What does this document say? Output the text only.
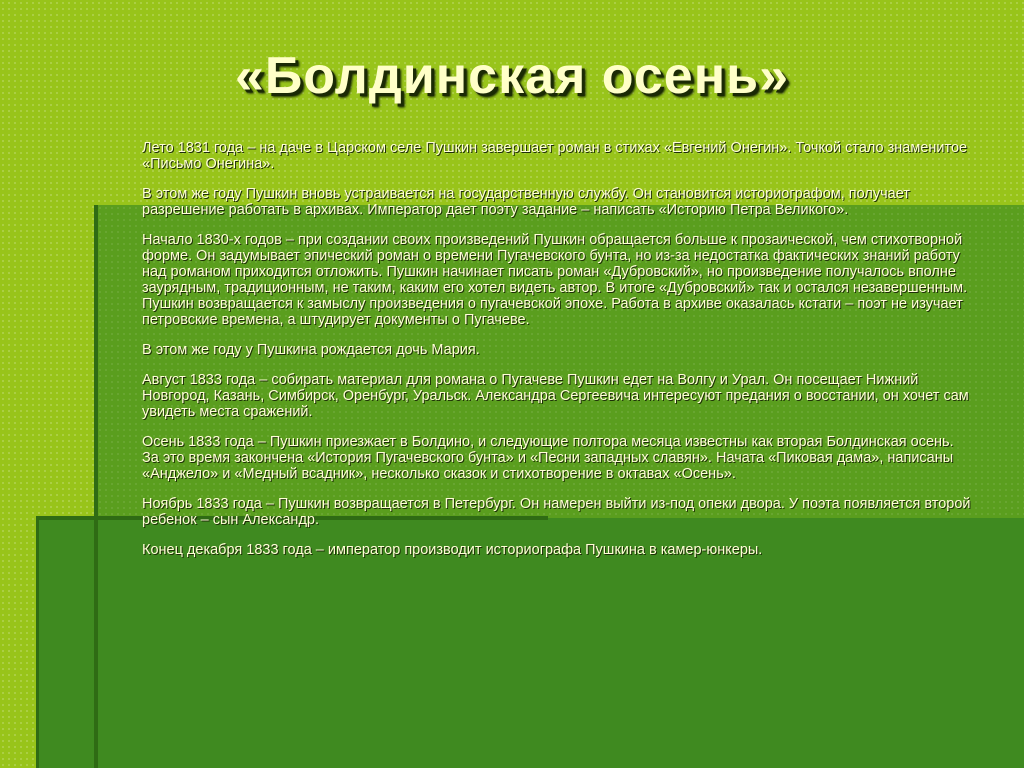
«Болдинская осень»

Лето 1831 года – на даче в Царском селе Пушкин завершает роман в стихах «Евгений Онегин». Точкой стало знаменитое «Письмо Онегина».

В этом же году Пушкин вновь устраивается на государственную службу. Он становится историографом, получает разрешение работать в архивах. Император дает поэту задание – написать «Историю Петра Великого».

Начало 1830-х годов – при создании своих произведений Пушкин обращается больше к прозаической, чем стихотворной форме. Он задумывает эпический роман о времени Пугачевского бунта, но из-за недостатка фактических знаний работу над романом приходится отложить. Пушкин начинает писать роман «Дубровский», но произведение получалось вполне заурядным, традиционным, не таким, каким его хотел видеть автор. В итоге «Дубровский» так и остался незавершенным. Пушкин возвращается к замыслу произведения о пугачевской эпохе. Работа в архиве оказалась кстати – поэт не изучает петровские времена, а штудирует документы о Пугачеве.

В этом же году у Пушкина рождается дочь Мария.

Август 1833 года – собирать материал для романа о Пугачеве Пушкин едет на Волгу и Урал. Он посещает Нижний Новгород, Казань, Симбирск, Оренбург, Уральск. Александра Сергеевича интересуют предания о восстании, он хочет сам увидеть места сражений.

Осень 1833 года – Пушкин приезжает в Болдино, и следующие полтора месяца известны как вторая Болдинская осень. За это время закончена «История Пугачевского бунта» и «Песни западных славян». Начата «Пиковая дама», написаны «Анджело» и «Медный всадник», несколько сказок и стихотворение в октавах «Осень».

Ноябрь 1833 года – Пушкин возвращается в Петербург. Он намерен выйти из-под опеки двора. У поэта появляется второй ребенок – сын Александр.

Конец декабря 1833 года – император производит историографа Пушкина в камер-юнкеры.
